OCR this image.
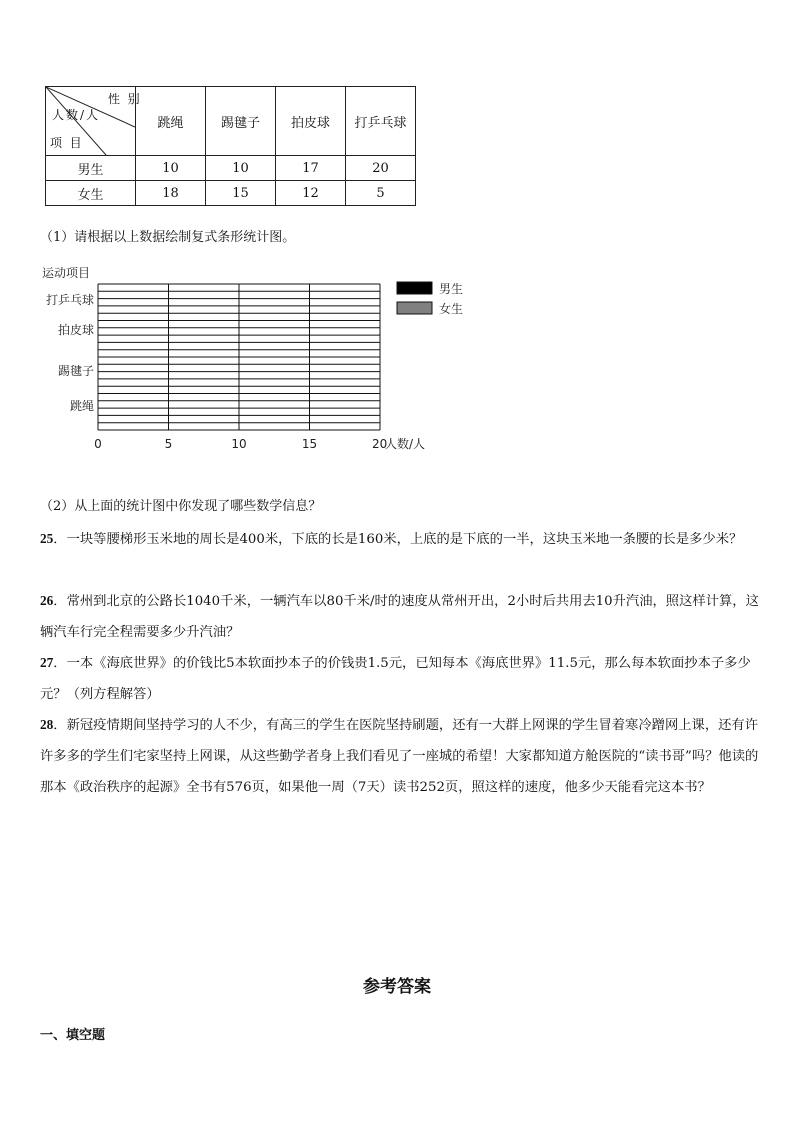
性  别
人数/人
项  目	跳绳	踢毽子	拍皮球	打乒乓球
男生	10	10	17	20
女生	18	15	12	5
（1）请根据以上数据绘制复式条形统计图。
跳绳
踢毽子
拍皮球
打乒乓球
0	5	10	15	20
运动项目
人数/人
男生
女生
（2）从上面的统计图中你发现了哪些数学信息？
25．一块等腰梯形玉米地的周长是400米，下底的长是160米，上底的是下底的一半，这块玉米地一条腰的长是多少米？
26．常州到北京的公路长1040千米，一辆汽车以80千米/时的速度从常州开出，2小时后共用去10升汽油，照这样计算，这辆汽车行完全程需要多少升汽油？
27．一本《海底世界》的价钱比5本软面抄本子的价钱贵1.5元，已知每本《海底世界》11.5元，那么每本软面抄本子多少元？（列方程解答）
28．新冠疫情期间坚持学习的人不少，有高三的学生在医院坚持刷题，还有一大群上网课的学生冒着寒冷蹭网上课，还有许许多多的学生们宅家坚持上网课，从这些勤学者身上我们看见了一座城的希望！大家都知道方舱医院的“读书哥”吗？他读的那本《政治秩序的起源》全书有576页，如果他一周（7天）读书252页，照这样的速度，他多少天能看完这本书？
参考答案
一、填空题
